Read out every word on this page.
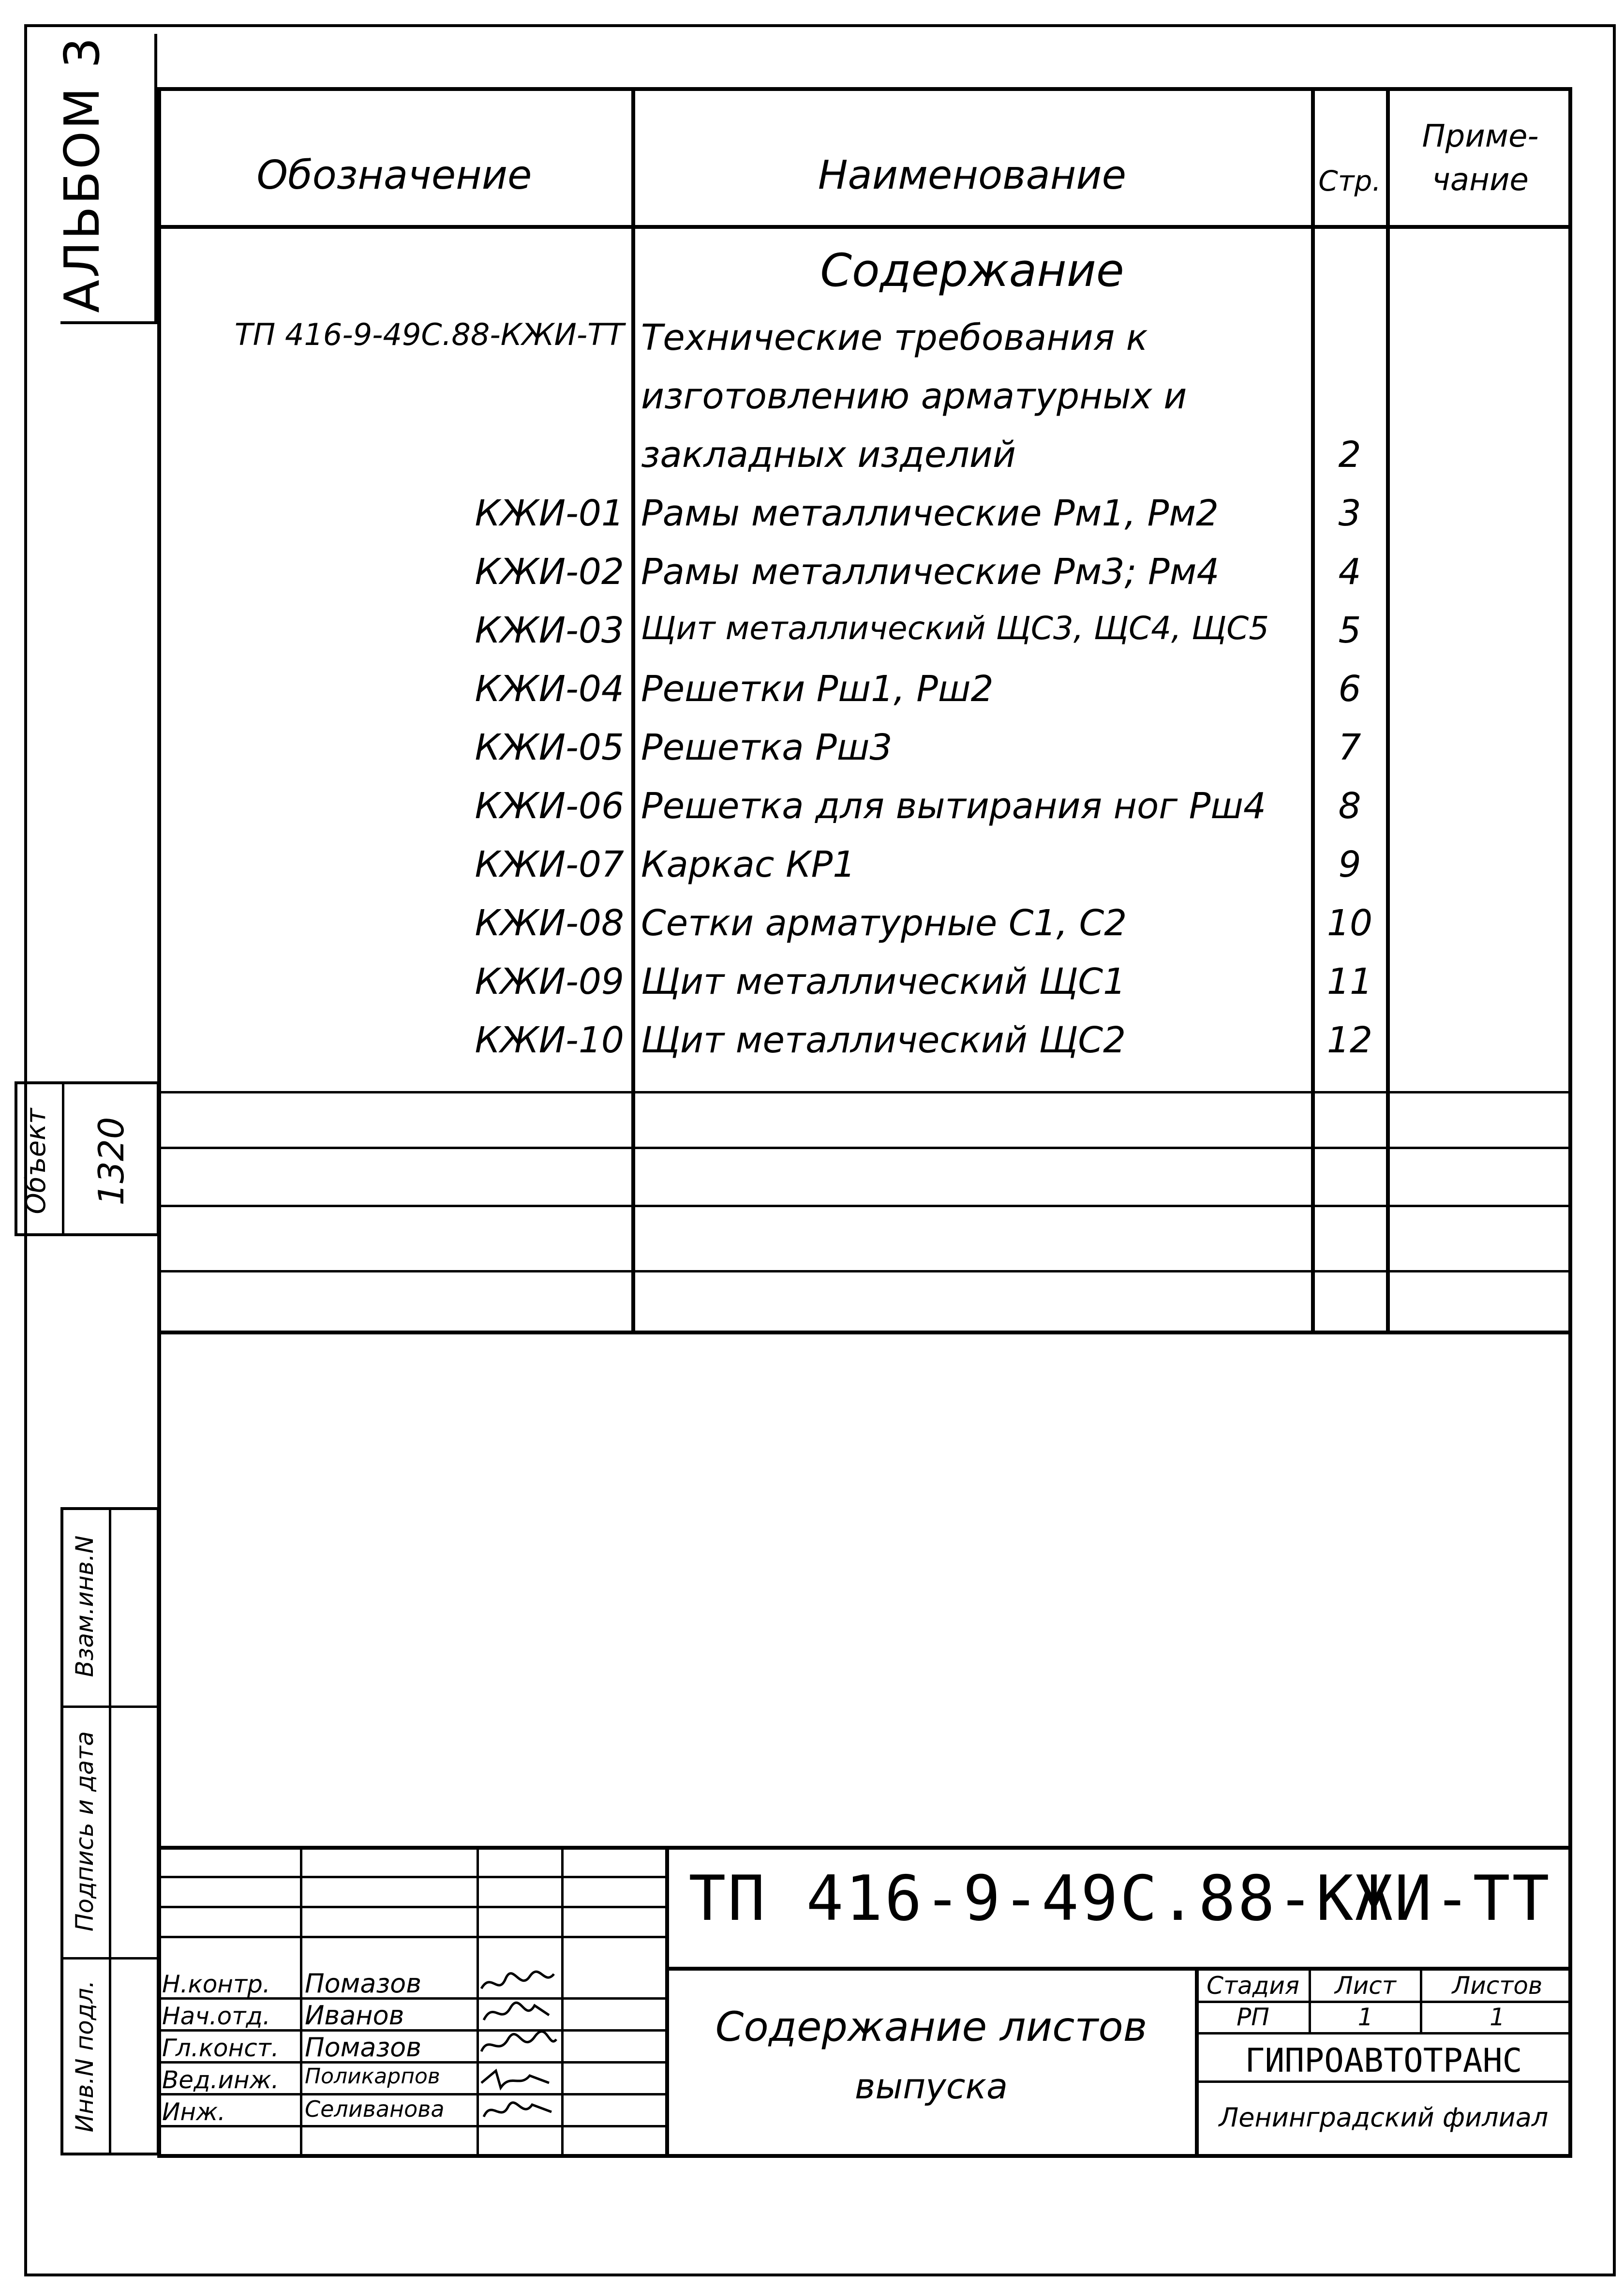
АЛЬБОМ 3
Объект 1320
Взам.инв.N
Подпись и дата
Инв.N подл.
Обозначение	Наименование	Стр.
Приме-
чание
Содержание
ТП 416-9-49С.88-КЖИ-ТТ Технические требования к
изготовлению арматурных и
закладных изделий	2
КЖИ-01 Рамы металлические Рм1, Рм2	3
КЖИ-02 Рамы металлические Рм3; Рм4	4
КЖИ-03 Щит металлический ЩС3, ЩС4, ЩС5	5
КЖИ-04 Решетки Рш1, Рш2	6
КЖИ-05 Решетка Рш3	7
КЖИ-06 Решетка для вытирания ног Рш4	8
КЖИ-07 Каркас КР1	9
КЖИ-08 Сетки арматурные С1, С2	10
КЖИ-09 Щит металлический ЩС1	11
КЖИ-10 Щит металлический ЩС2	12
Н.контр. Помазов
Нач.отд. Иванов
Гл.конст. Помазов
Вед.инж. Поликарпов
Инж.	Селиванова
ТП 416-9-49С.88-КЖИ-ТТ
Содержание листов
выпуска
Стадия	Лист	Листов
РП	1	1
ГИПРОАВТОТРАНС
Ленинградский филиал
